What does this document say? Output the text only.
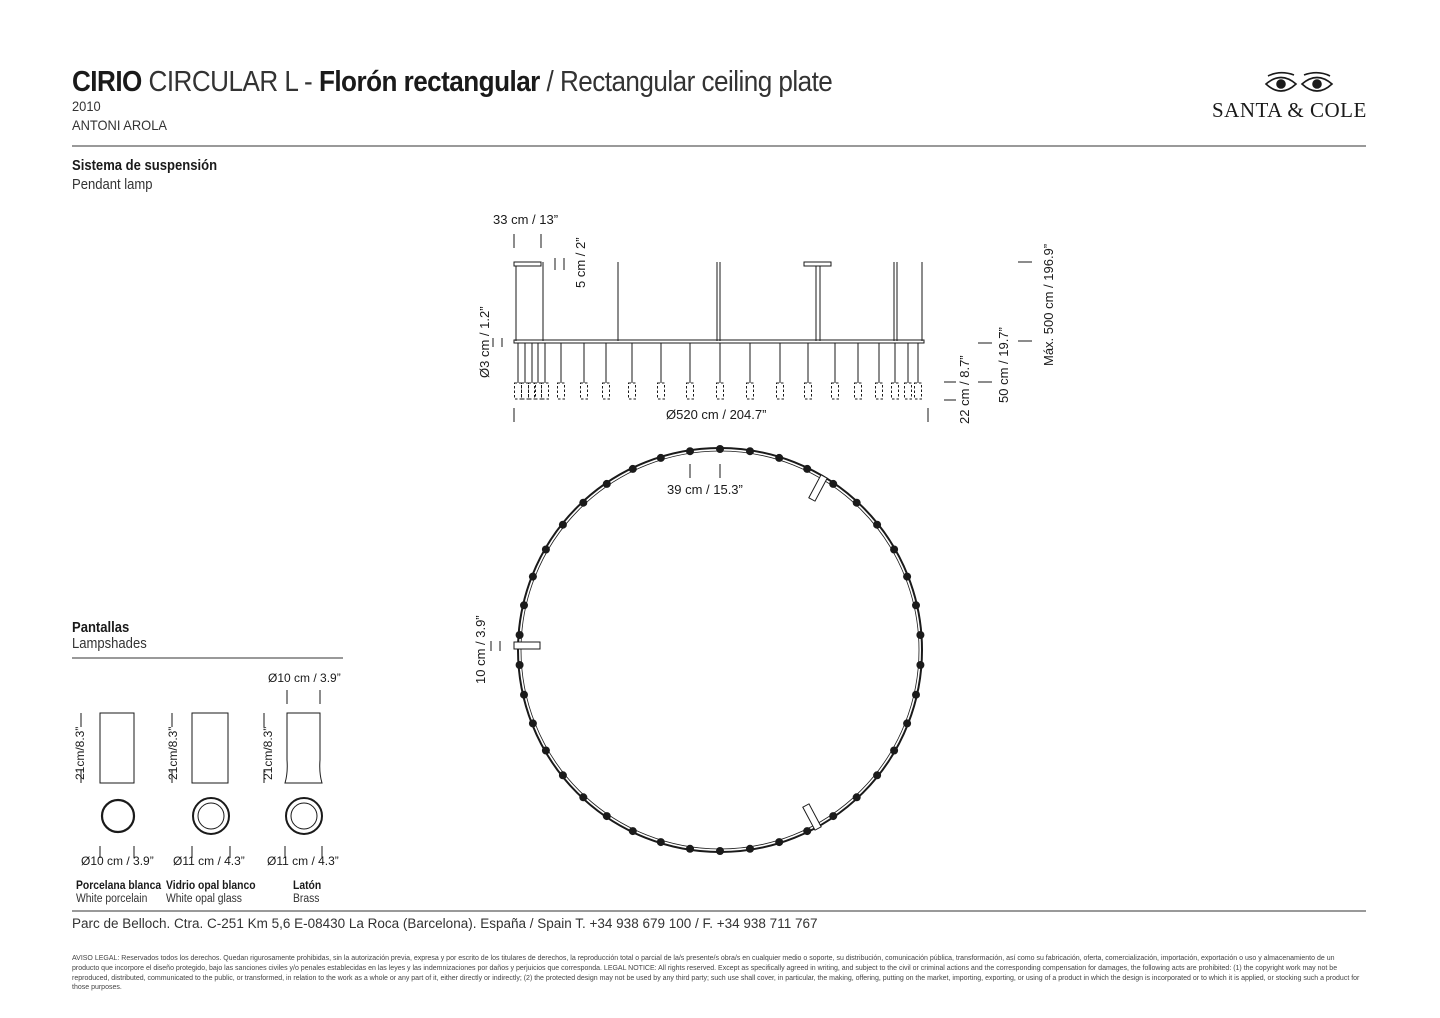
CIRIO CIRCULAR L - Florón rectangular / Rectangular ceiling plate
2010
ANTONI AROLA
SANTA & COLE
Sistema de suspensión
Pendant lamp
Pantallas
Lampshades
33 cm / 13”
5 cm / 2”
Ø3 cm / 1.2”
Ø520 cm / 204.7”	22 cm / 8.7” 50 cm / 19.7” Máx. 500 cm / 196.9”
39 cm / 15.3”
10 cm / 3.9”
Ø10 cm / 3.9”
21cm/8.3”	21cm/8.3”	21cm/8.3”
Ø10 cm / 3.9” Ø11 cm / 4.3” Ø11 cm / 4.3”
Porcelana blanca
White porcelain
Vidrio opal blanco
White opal glass
Latón
Brass
Parc de Belloch. Ctra. C-251 Km 5,6 E-08430 La Roca (Barcelona). España / Spain T. +34 938 679 100 / F. +34 938 711 767
AVISO LEGAL: Reservados todos los derechos. Quedan rigurosamente prohibidas, sin la autorización previa, expresa y por escrito de los titulares de derechos, la reproducción total o parcial de la/s presente/s obra/s en cualquier medio o soporte, su distribución, comunicación pública, transformación, así como su fabricación, oferta, comercialización, importación, exportación o uso y almacenamiento de un producto que incorpore el diseño protegido, bajo las sanciones civiles y/o penales establecidas en las leyes y las indemnizaciones por daños y perjuicios que corresponda. LEGAL NOTICE: All rights reserved. Except as specifically agreed in writing, and subject to the civil or criminal actions and the corresponding compensation for damages, the following acts are prohibited: (1) the copyright work may not be reproduced, distributed, communicated to the public, or transformed, in relation to the work as a whole or any part of it, either directly or indirectly; (2) the protected design may not be used by any third party; such use shall cover, in particular, the making, offering, putting on the market, importing, exporting, or using of a product in which the design is incorporated or to which it is applied, or stocking such a product for those purposes.
